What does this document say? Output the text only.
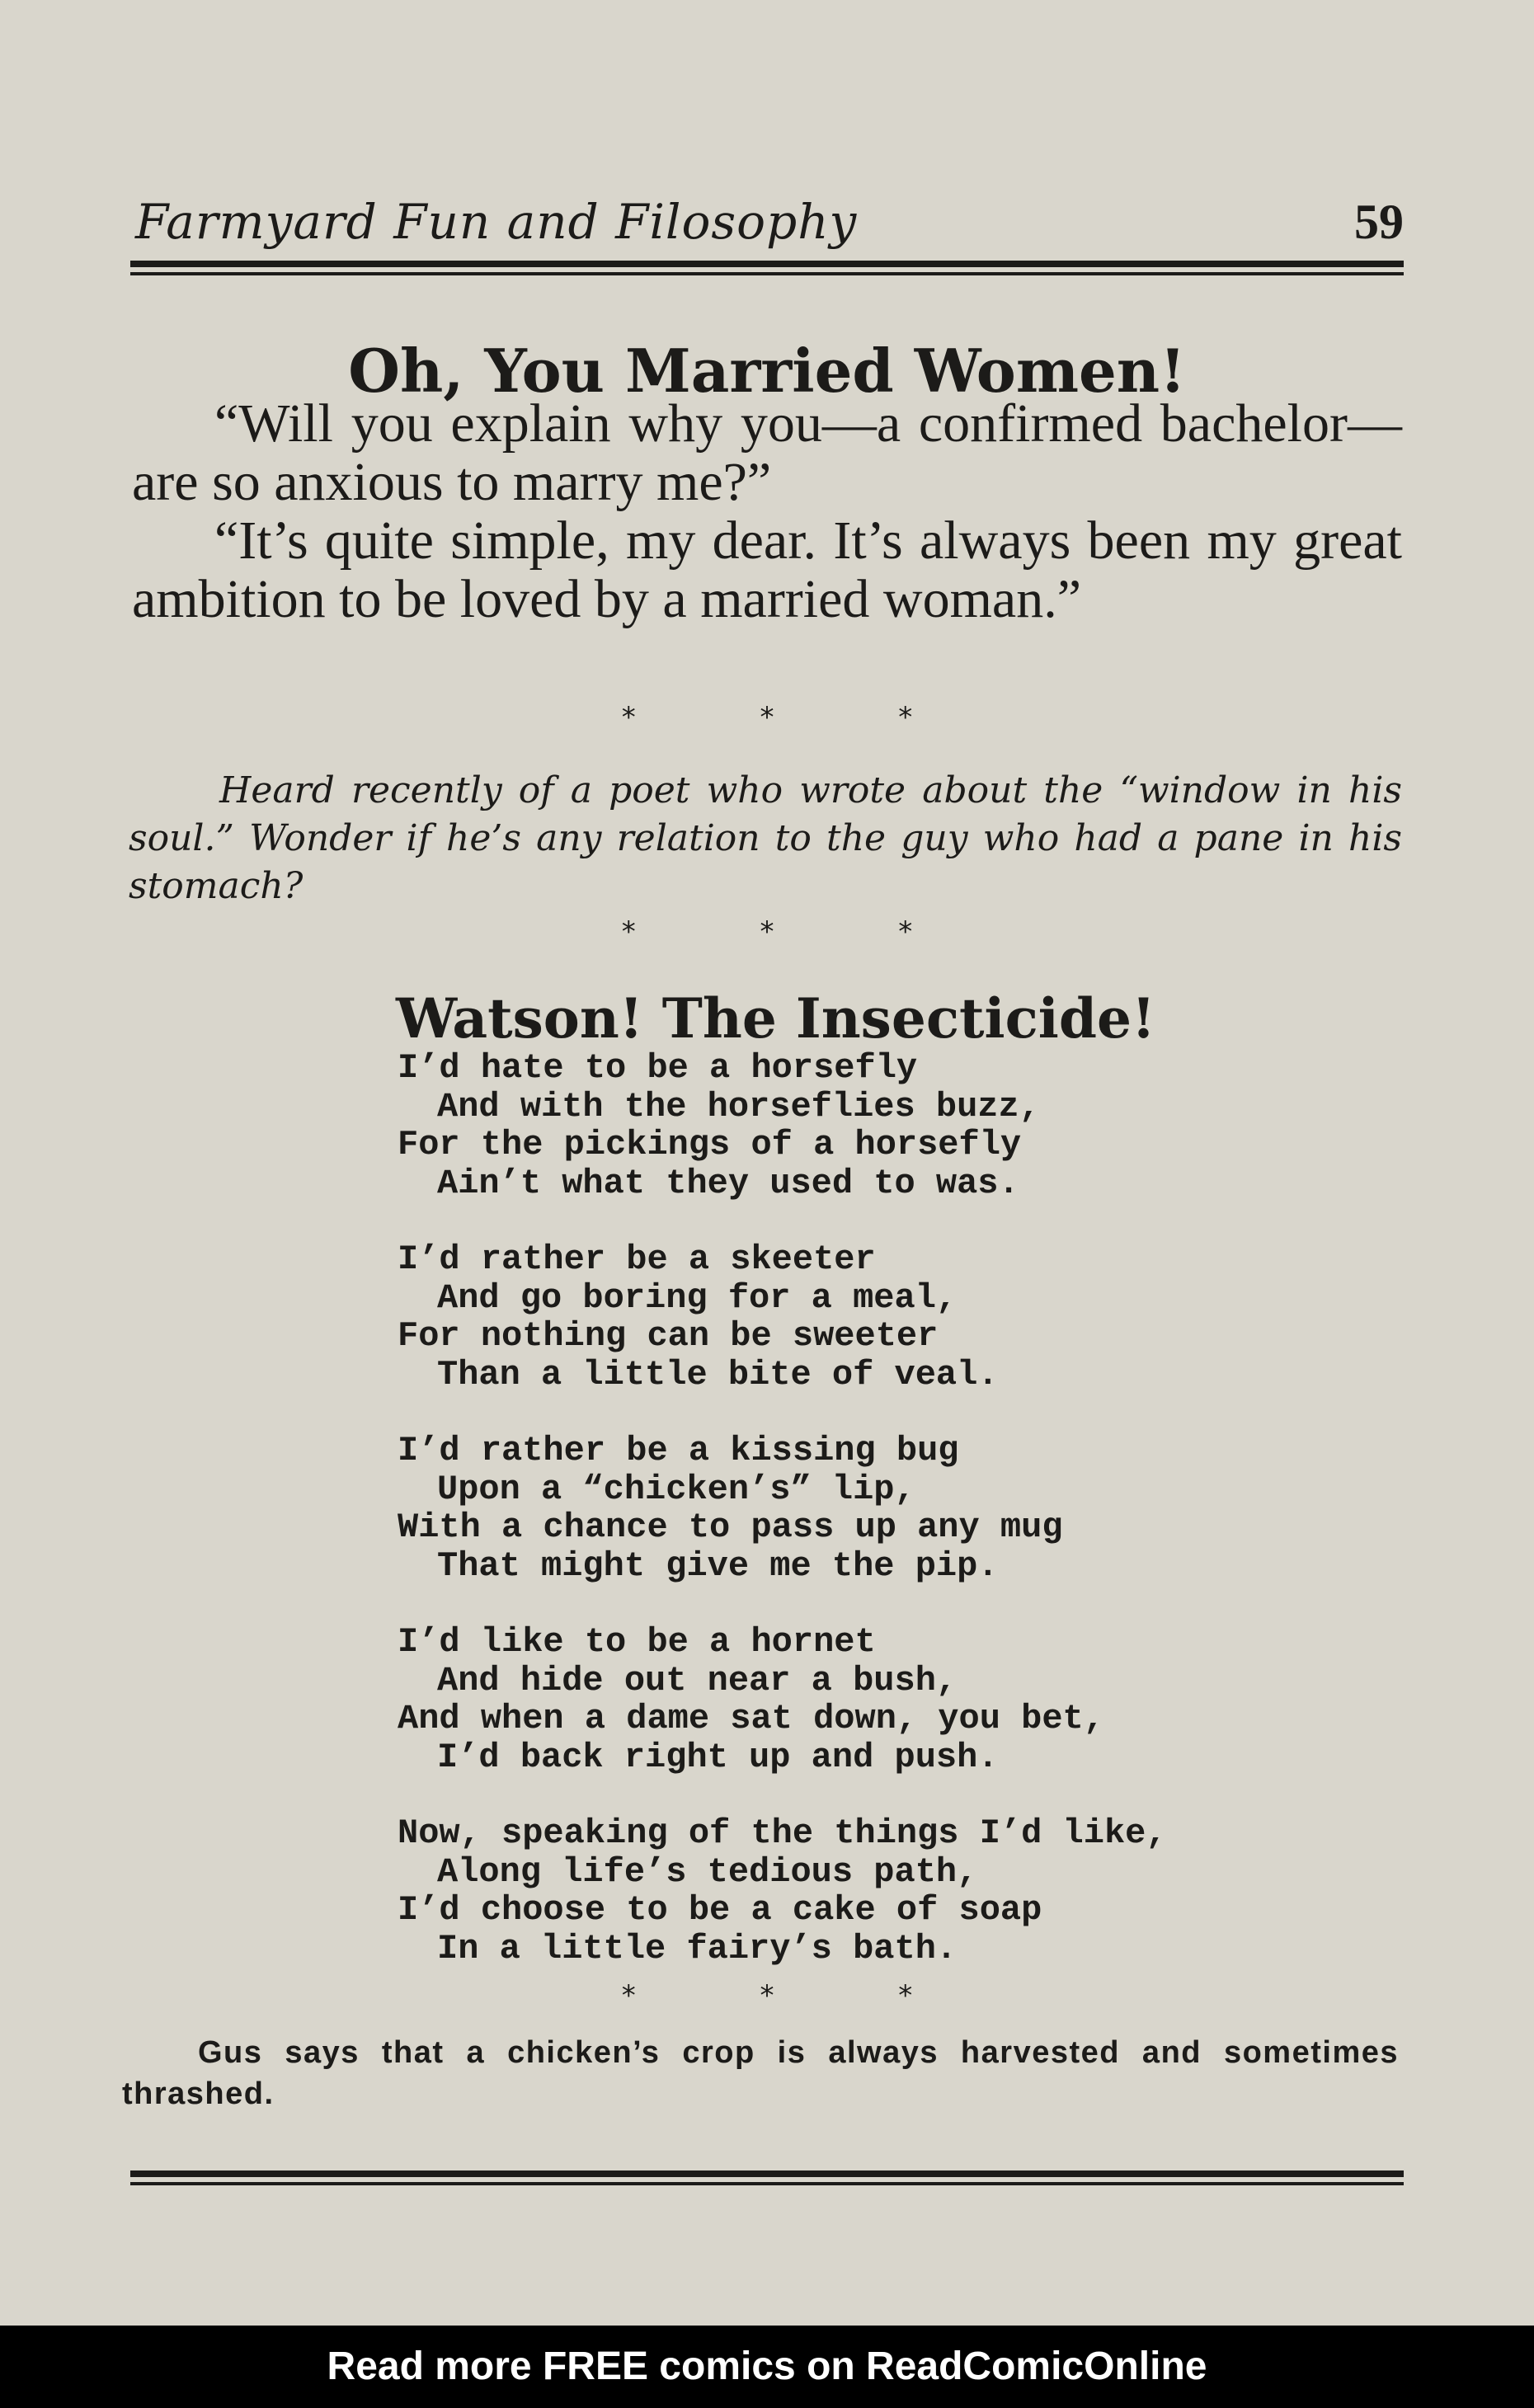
Farmyard Fun and Filosophy	59
Oh, You Married Women!

“Will you explain why you—a confirmed bachelor—are so anxious to marry me?”

“It’s quite simple, my dear. It’s always been my great ambition to be loved by a married woman.”

* * *

Heard recently of a poet who wrote about the “window in his soul.” Wonder if he’s any relation to the guy who had a pane in his stomach?

* * *
Watson! The Insecticide!
I’d hate to be a horsefly
And with the horseflies buzz,
For the pickings of a horsefly
Ain’t what they used to was.
I’d rather be a skeeter
And go boring for a meal,
For nothing can be sweeter
Than a little bite of veal.
I’d rather be a kissing bug
Upon a “chicken’s” lip,
With a chance to pass up any mug
That might give me the pip.
I’d like to be a hornet
And hide out near a bush,
And when a dame sat down, you bet,
I’d back right up and push.
Now, speaking of the things I’d like,
Along life’s tedious path,
I’d choose to be a cake of soap
In a little fairy’s bath.
* * *

Gus says that a chicken’s crop is always harvested and sometimes thrashed.

Read more FREE comics on ReadComicOnline
